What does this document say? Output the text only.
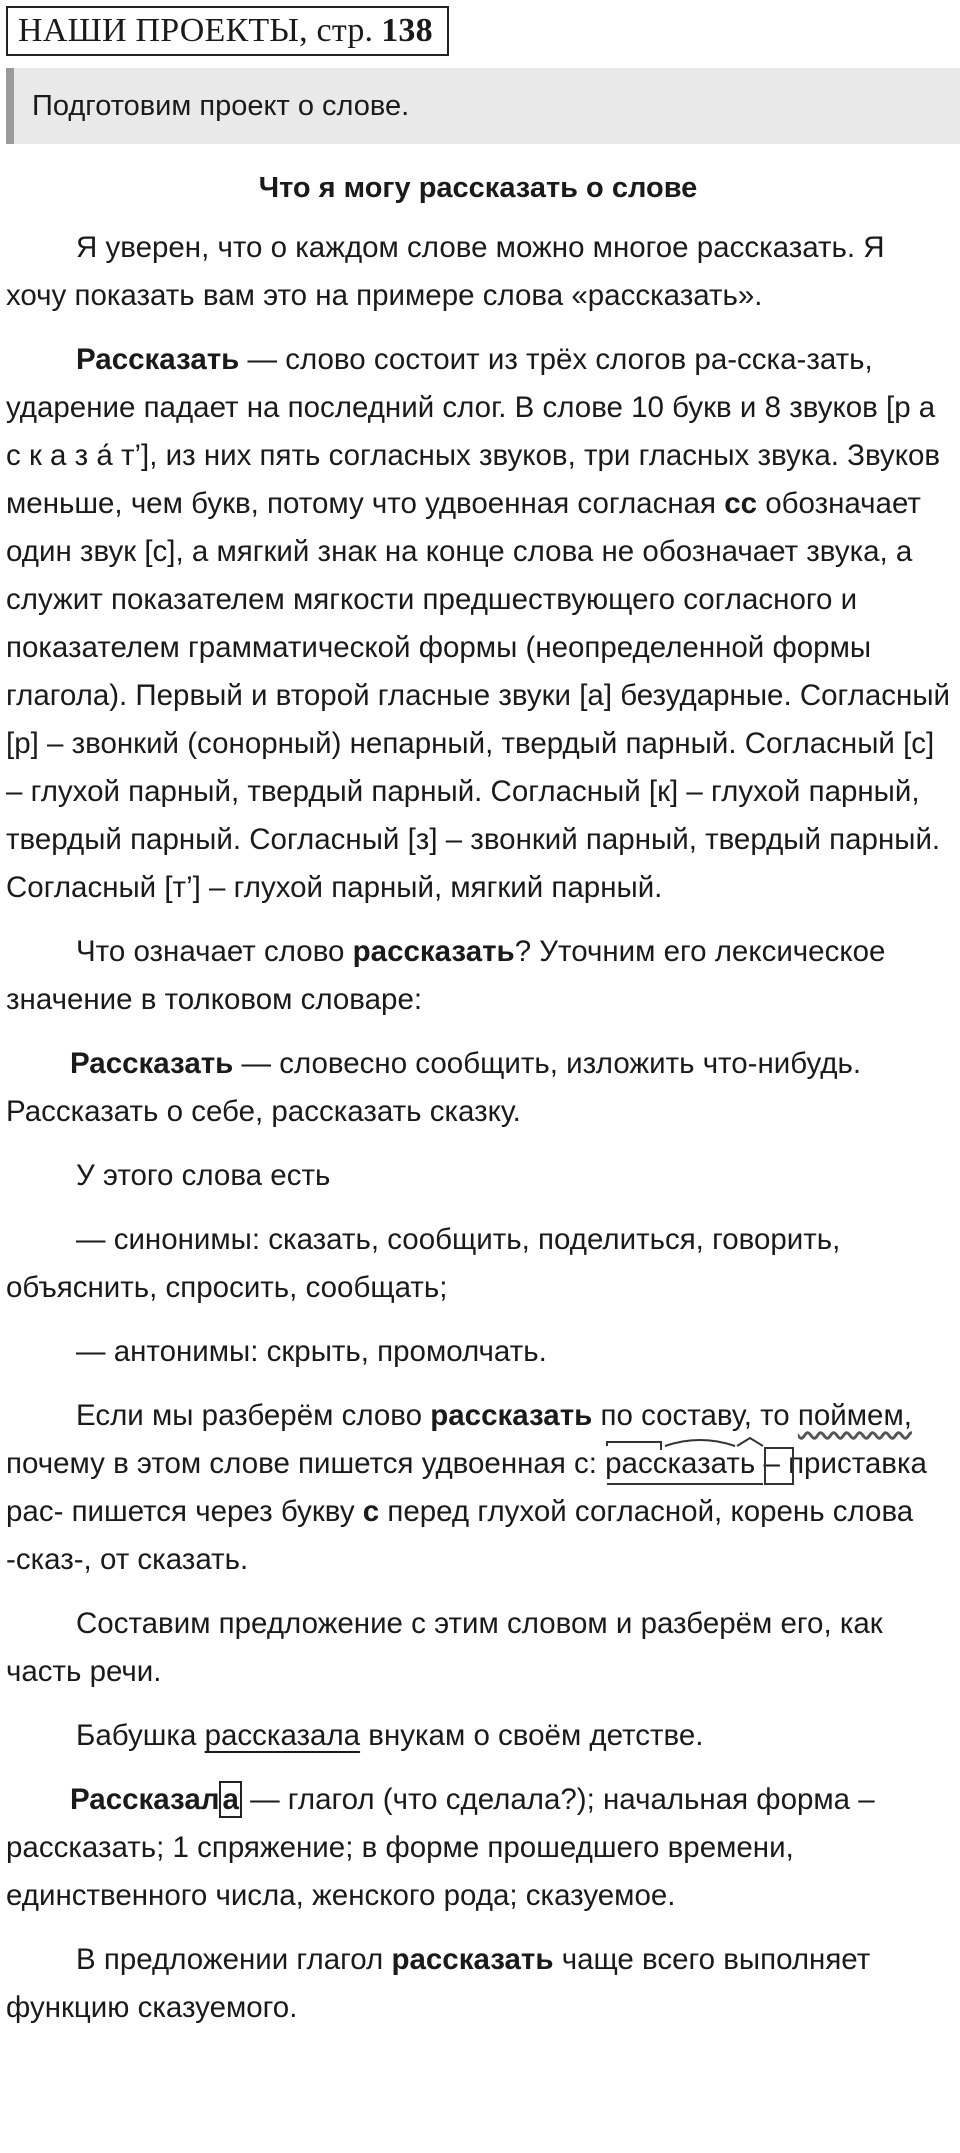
НАШИ ПРОЕКТЫ, стр. 138
Подготовим проект о слове.
Что я могу рассказать о слове

Я уверен, что о каждом слове можно многое рассказать. Я хочу показать вам это на примере слова «рассказать».

Рассказать — слово состоит из трёх слогов ра-сска-зать, ударение падает на последний слог. В слове 10 букв и 8 звуков [р а с к а з а́ т’], из них пять согласных звуков, три гласных звука. Звуков меньше, чем букв, потому что удвоенная согласная сс обозначает один звук [с], а мягкий знак на конце слова не обозначает звука, а служит показателем мягкости предшествующего согласного и показателем грамматической формы (неопределенной формы глагола). Первый и второй гласные звуки [а] безударные. Согласный [р] – звонкий (сонорный) непарный, твердый парный. Согласный [с] – глухой парный, твердый парный. Согласный [к] – глухой парный, твердый парный. Согласный [з] – звонкий парный, твердый парный. Согласный [т’] – глухой парный, мягкий парный.

Что означает слово рассказать? Уточним его лексическое значение в толковом словаре:

Рассказать — словесно сообщить, изложить что-нибудь. Рассказать о себе, рассказать сказку.

У этого слова есть

— синонимы: сказать, сообщить, поделиться, говорить, объяснить, спросить, сообщать;

— антонимы: скрыть, промолчать.

Если мы разберём слово рассказать по составу, то поймем, почему в этом слове пишется удвоенная с:
рассказать – приставка рас- пишется через букву с перед глухой согласной, корень слова -сказ-, от сказать.

Составим предложение с этим словом и разберём его, как часть речи.

Бабушка рассказала внукам о своём детстве.

Рассказал а — глагол (что сделала?); начальная форма – рассказать; 1 спряжение; в форме прошедшего времени, единственного числа, женского рода; сказуемое.

В предложении глагол рассказать чаще всего выполняет функцию сказуемого.
